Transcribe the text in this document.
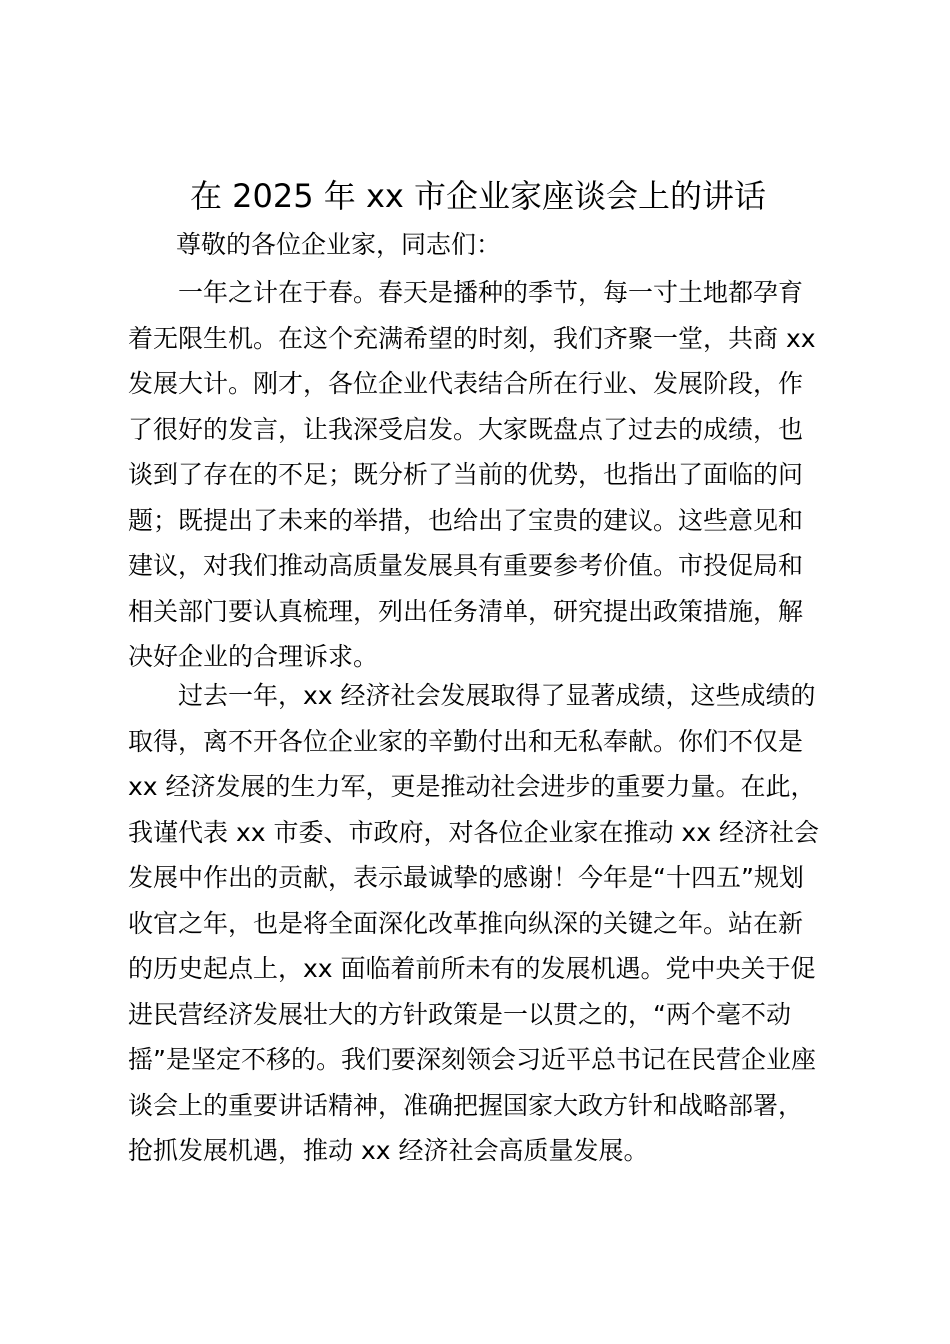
在 2025 年 xx 市企业家座谈会上的讲话
尊敬的各位企业家，同志们：
一年之计在于春。春天是播种的季节，每一寸土地都孕育
着无限生机。在这个充满希望的时刻，我们齐聚一堂，共商 xx
发展大计。刚才，各位企业代表结合所在行业、发展阶段，作
了很好的发言，让我深受启发。大家既盘点了过去的成绩，也
谈到了存在的不足；既分析了当前的优势，也指出了面临的问
题；既提出了未来的举措，也给出了宝贵的建议。这些意见和
建议，对我们推动高质量发展具有重要参考价值。市投促局和
相关部门要认真梳理，列出任务清单，研究提出政策措施，解
决好企业的合理诉求。
过去一年，xx 经济社会发展取得了显著成绩，这些成绩的
取得，离不开各位企业家的辛勤付出和无私奉献。你们不仅是
xx 经济发展的生力军，更是推动社会进步的重要力量。在此，
我谨代表 xx 市委、市政府，对各位企业家在推动 xx 经济社会
发展中作出的贡献，表示最诚挚的感谢！今年是“十四五”规划
收官之年，也是将全面深化改革推向纵深的关键之年。站在新
的历史起点上，xx 面临着前所未有的发展机遇。党中央关于促
进民营经济发展壮大的方针政策是一以贯之的，“两个毫不动
摇”是坚定不移的。我们要深刻领会习近平总书记在民营企业座
谈会上的重要讲话精神，准确把握国家大政方针和战略部署，
抢抓发展机遇，推动 xx 经济社会高质量发展。
